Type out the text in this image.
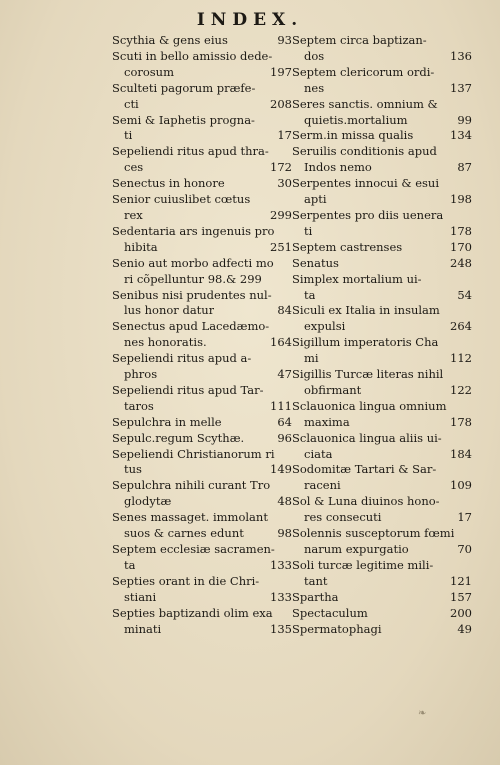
INDEX.
Scythia & gens eius	93
Scuti in bello amissio dede-
corosum	197
Sculteti pagorum præfe-
cti	208
Semi & Iaphetis progna-
ti	17
Sepeliendi ritus apud thra-
ces	172
Senectus in honore	30
Senior cuiuslibet cœtus
rex	299
Sedentaria ars ingenuis pro
hibita	251
Senio aut morbo adfecti mo
ri cõpelluntur 98.& 299
Senibus nisi prudentes nul-
lus honor datur	84
Senectus apud Lacedæmo-
nes honoratis.	164
Sepeliendi ritus apud a-
phros	47
Sepeliendi ritus apud Tar-
taros	111
Sepulchra in melle	64
Sepulc.regum Scythæ.	96
Sepeliendi Christianorum ri
tus	149
Sepulchra nihili curant Tro
glodytæ	48
Senes massaget. immolant
suos & carnes edunt	98
Septem ecclesiæ sacramen-
ta	133
Septies orant in die Chri-
stiani	133
Septies baptizandi olim exa
minati	135
Septem circa baptizan-
dos	136
Septem clericorum ordi-
nes	137
Seres sanctis. omnium &
quietis.mortalium	99
Serm.in missa qualis	134
Seruilis conditionis apud
Indos nemo	87
Serpentes innocui & esui
apti	198
Serpentes pro diis uenera
ti	178
Septem castrenses	170
Senatus	248
Simplex mortalium ui-
ta	54
Siculi ex Italia in insulam
expulsi	264
Sigillum imperatoris Cha
mi	112
Sigillis Turcæ literas nihil
obfirmant	122
Sclauonica lingua omnium
maxima	178
Sclauonica lingua aliis ui-
ciata	184
Sodomitæ Tartari & Sar-
raceni	109
Sol & Luna diuinos hono-
res consecuti	17
Solennis susceptorum fœmi
narum expurgatio	70
Soli turcæ legitime mili-
tant	121
Spartha	157
Spectaculum	200
Spermatophagi	49
❧
